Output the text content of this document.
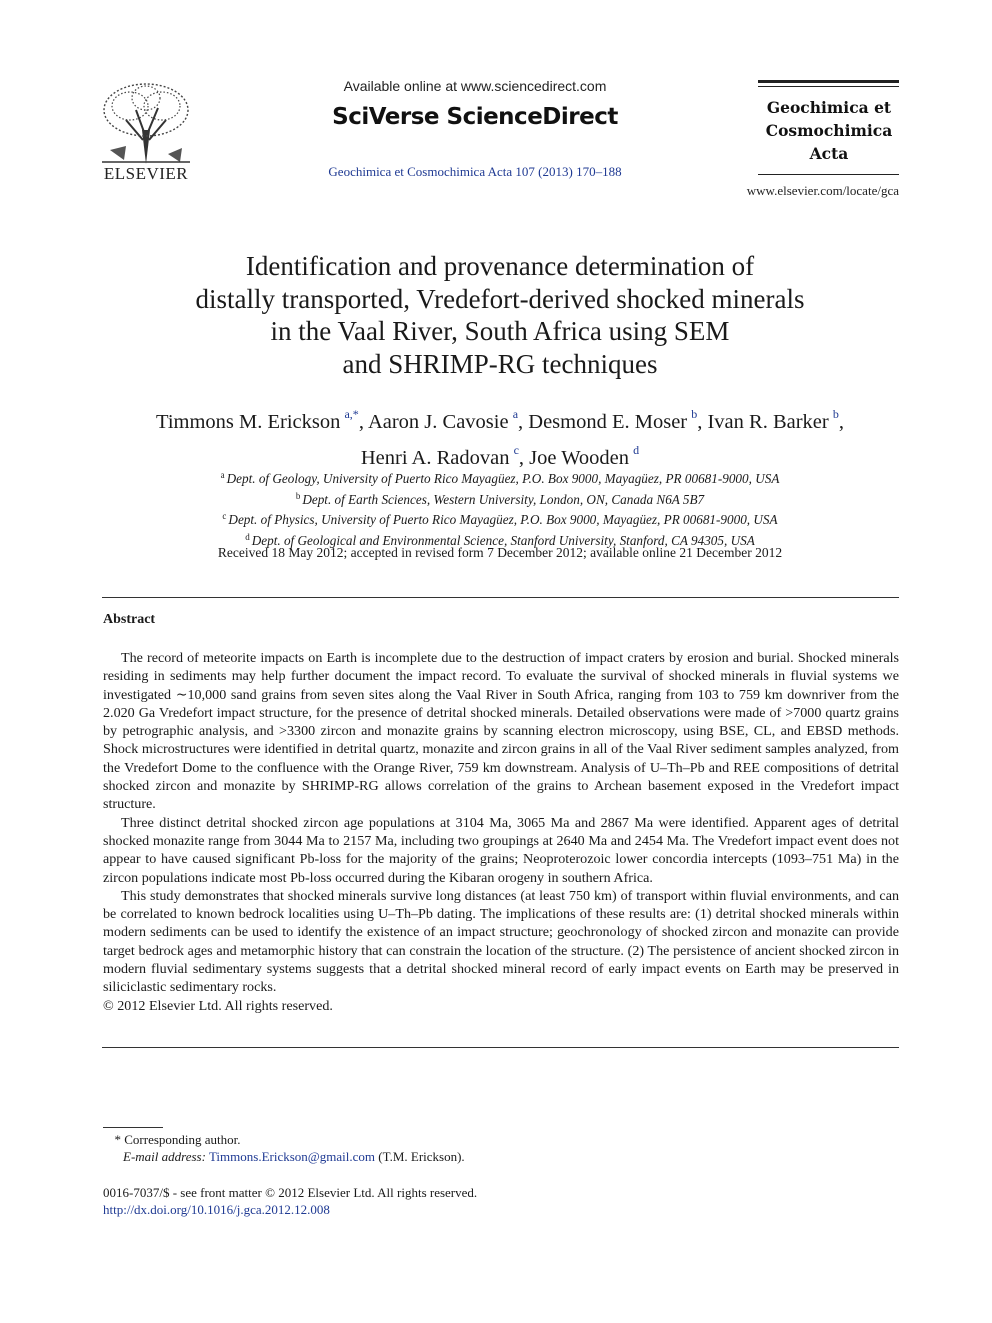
ELSEVIER
Available online at www.sciencedirect.com
SciVerse ScienceDirect
Geochimica et Cosmochimica Acta 107 (2013) 170–188
Geochimica et
Cosmochimica
Acta
www.elsevier.com/locate/gca
Identification and provenance determination of
distally transported, Vredefort-derived shocked minerals
in the Vaal River, South Africa using SEM
and SHRIMP-RG techniques
Timmons M. Erickson  $^{a,*}$, Aaron J. Cavosie  $^a$, Desmond E. Moser  $^b$, Ivan R. Barker  $^b$,
Henri A. Radovan  $^c$, Joe Wooden  $^d$
$^a$ Dept. of Geology, University of Puerto Rico Mayagüez, P.O. Box 9000, Mayagüez, PR 00681-9000, USA
$^b$ Dept. of Earth Sciences, Western University, London, ON, Canada N6A 5B7
$^c$ Dept. of Physics, University of Puerto Rico Mayagüez, P.O. Box 9000, Mayagüez, PR 00681-9000, USA
$^d$ Dept. of Geological and Environmental Science, Stanford University, Stanford, CA 94305, USA
Received 18 May 2012; accepted in revised form 7 December 2012; available online 21 December 2012
Abstract

The record of meteorite impacts on Earth is incomplete due to the destruction of impact craters by erosion and burial. Shocked minerals residing in sediments may help further document the impact record. To evaluate the survival of shocked minerals in fluvial systems we investigated ∼10,000 sand grains from seven sites along the Vaal River in South Africa, ranging from 103 to 759 km downriver from the 2.020 Ga Vredefort impact structure, for the presence of detrital shocked minerals. Detailed observations were made of >7000 quartz grains by petrographic analysis, and >3300 zircon and monazite grains by scanning electron microscopy, using BSE, CL, and EBSD methods. Shock microstructures were identified in detrital quartz, monazite and zircon grains in all of the Vaal River sediment samples analyzed, from the Vredefort Dome to the confluence with the Orange River, 759 km downstream. Analysis of U–Th–Pb and REE compositions of detrital shocked zircon and monazite by SHRIMP-RG allows correlation of the grains to Archean basement exposed in the Vredefort impact structure.

Three distinct detrital shocked zircon age populations at 3104 Ma, 3065 Ma and 2867 Ma were identified. Apparent ages of detrital shocked monazite range from 3044 Ma to 2157 Ma, including two groupings at 2640 Ma and 2454 Ma. The Vredefort impact event does not appear to have caused significant Pb-loss for the majority of the grains; Neoproterozoic lower concordia intercepts (1093–751 Ma) in the zircon populations indicate most Pb-loss occurred during the Kibaran orogeny in southern Africa.

This study demonstrates that shocked minerals survive long distances (at least 750 km) of transport within fluvial environments, and can be correlated to known bedrock localities using U–Th–Pb dating. The implications of these results are: (1) detrital shocked minerals within modern sediments can be used to identify the existence of an impact structure; geochronology of shocked zircon and monazite can provide target bedrock ages and metamorphic history that can constrain the location of the structure. (2) The persistence of ancient shocked zircon in modern fluvial sedimentary systems suggests that a detrital shocked mineral record of early impact events on Earth may be preserved in siliciclastic sedimentary rocks.

© 2012 Elsevier Ltd. All rights reserved.

* Corresponding author.
E-mail address: Timmons.Erickson@gmail.com (T.M. Erickson).
0016-7037/$ - see front matter © 2012 Elsevier Ltd. All rights reserved.
http://dx.doi.org/10.1016/j.gca.2012.12.008
